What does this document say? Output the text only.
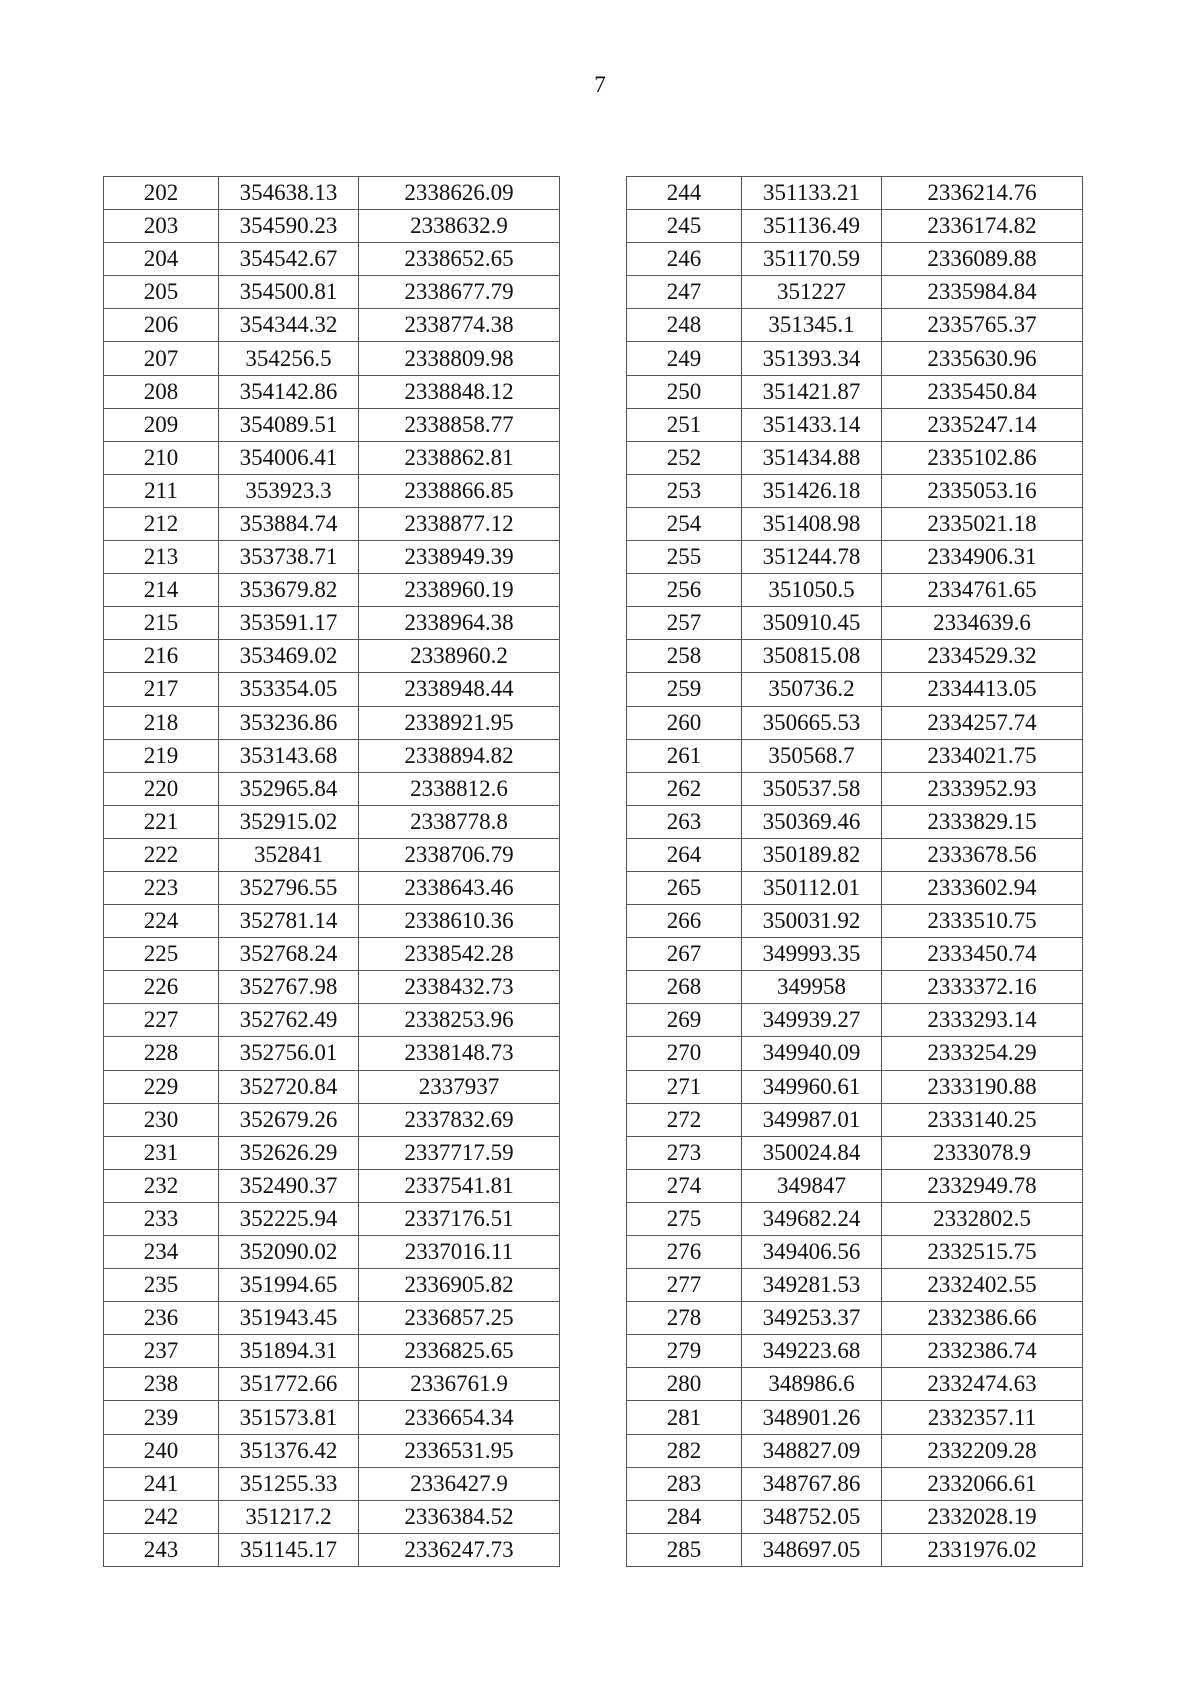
7
202	354638.13	2338626.09
203	354590.23	2338632.9
204	354542.67	2338652.65
205	354500.81	2338677.79
206	354344.32	2338774.38
207	354256.5	2338809.98
208	354142.86	2338848.12
209	354089.51	2338858.77
210	354006.41	2338862.81
211	353923.3	2338866.85
212	353884.74	2338877.12
213	353738.71	2338949.39
214	353679.82	2338960.19
215	353591.17	2338964.38
216	353469.02	2338960.2
217	353354.05	2338948.44
218	353236.86	2338921.95
219	353143.68	2338894.82
220	352965.84	2338812.6
221	352915.02	2338778.8
222	352841	2338706.79
223	352796.55	2338643.46
224	352781.14	2338610.36
225	352768.24	2338542.28
226	352767.98	2338432.73
227	352762.49	2338253.96
228	352756.01	2338148.73
229	352720.84	2337937
230	352679.26	2337832.69
231	352626.29	2337717.59
232	352490.37	2337541.81
233	352225.94	2337176.51
234	352090.02	2337016.11
235	351994.65	2336905.82
236	351943.45	2336857.25
237	351894.31	2336825.65
238	351772.66	2336761.9
239	351573.81	2336654.34
240	351376.42	2336531.95
241	351255.33	2336427.9
242	351217.2	2336384.52
243	351145.17	2336247.73
244	351133.21	2336214.76
245	351136.49	2336174.82
246	351170.59	2336089.88
247	351227	2335984.84
248	351345.1	2335765.37
249	351393.34	2335630.96
250	351421.87	2335450.84
251	351433.14	2335247.14
252	351434.88	2335102.86
253	351426.18	2335053.16
254	351408.98	2335021.18
255	351244.78	2334906.31
256	351050.5	2334761.65
257	350910.45	2334639.6
258	350815.08	2334529.32
259	350736.2	2334413.05
260	350665.53	2334257.74
261	350568.7	2334021.75
262	350537.58	2333952.93
263	350369.46	2333829.15
264	350189.82	2333678.56
265	350112.01	2333602.94
266	350031.92	2333510.75
267	349993.35	2333450.74
268	349958	2333372.16
269	349939.27	2333293.14
270	349940.09	2333254.29
271	349960.61	2333190.88
272	349987.01	2333140.25
273	350024.84	2333078.9
274	349847	2332949.78
275	349682.24	2332802.5
276	349406.56	2332515.75
277	349281.53	2332402.55
278	349253.37	2332386.66
279	349223.68	2332386.74
280	348986.6	2332474.63
281	348901.26	2332357.11
282	348827.09	2332209.28
283	348767.86	2332066.61
284	348752.05	2332028.19
285	348697.05	2331976.02
